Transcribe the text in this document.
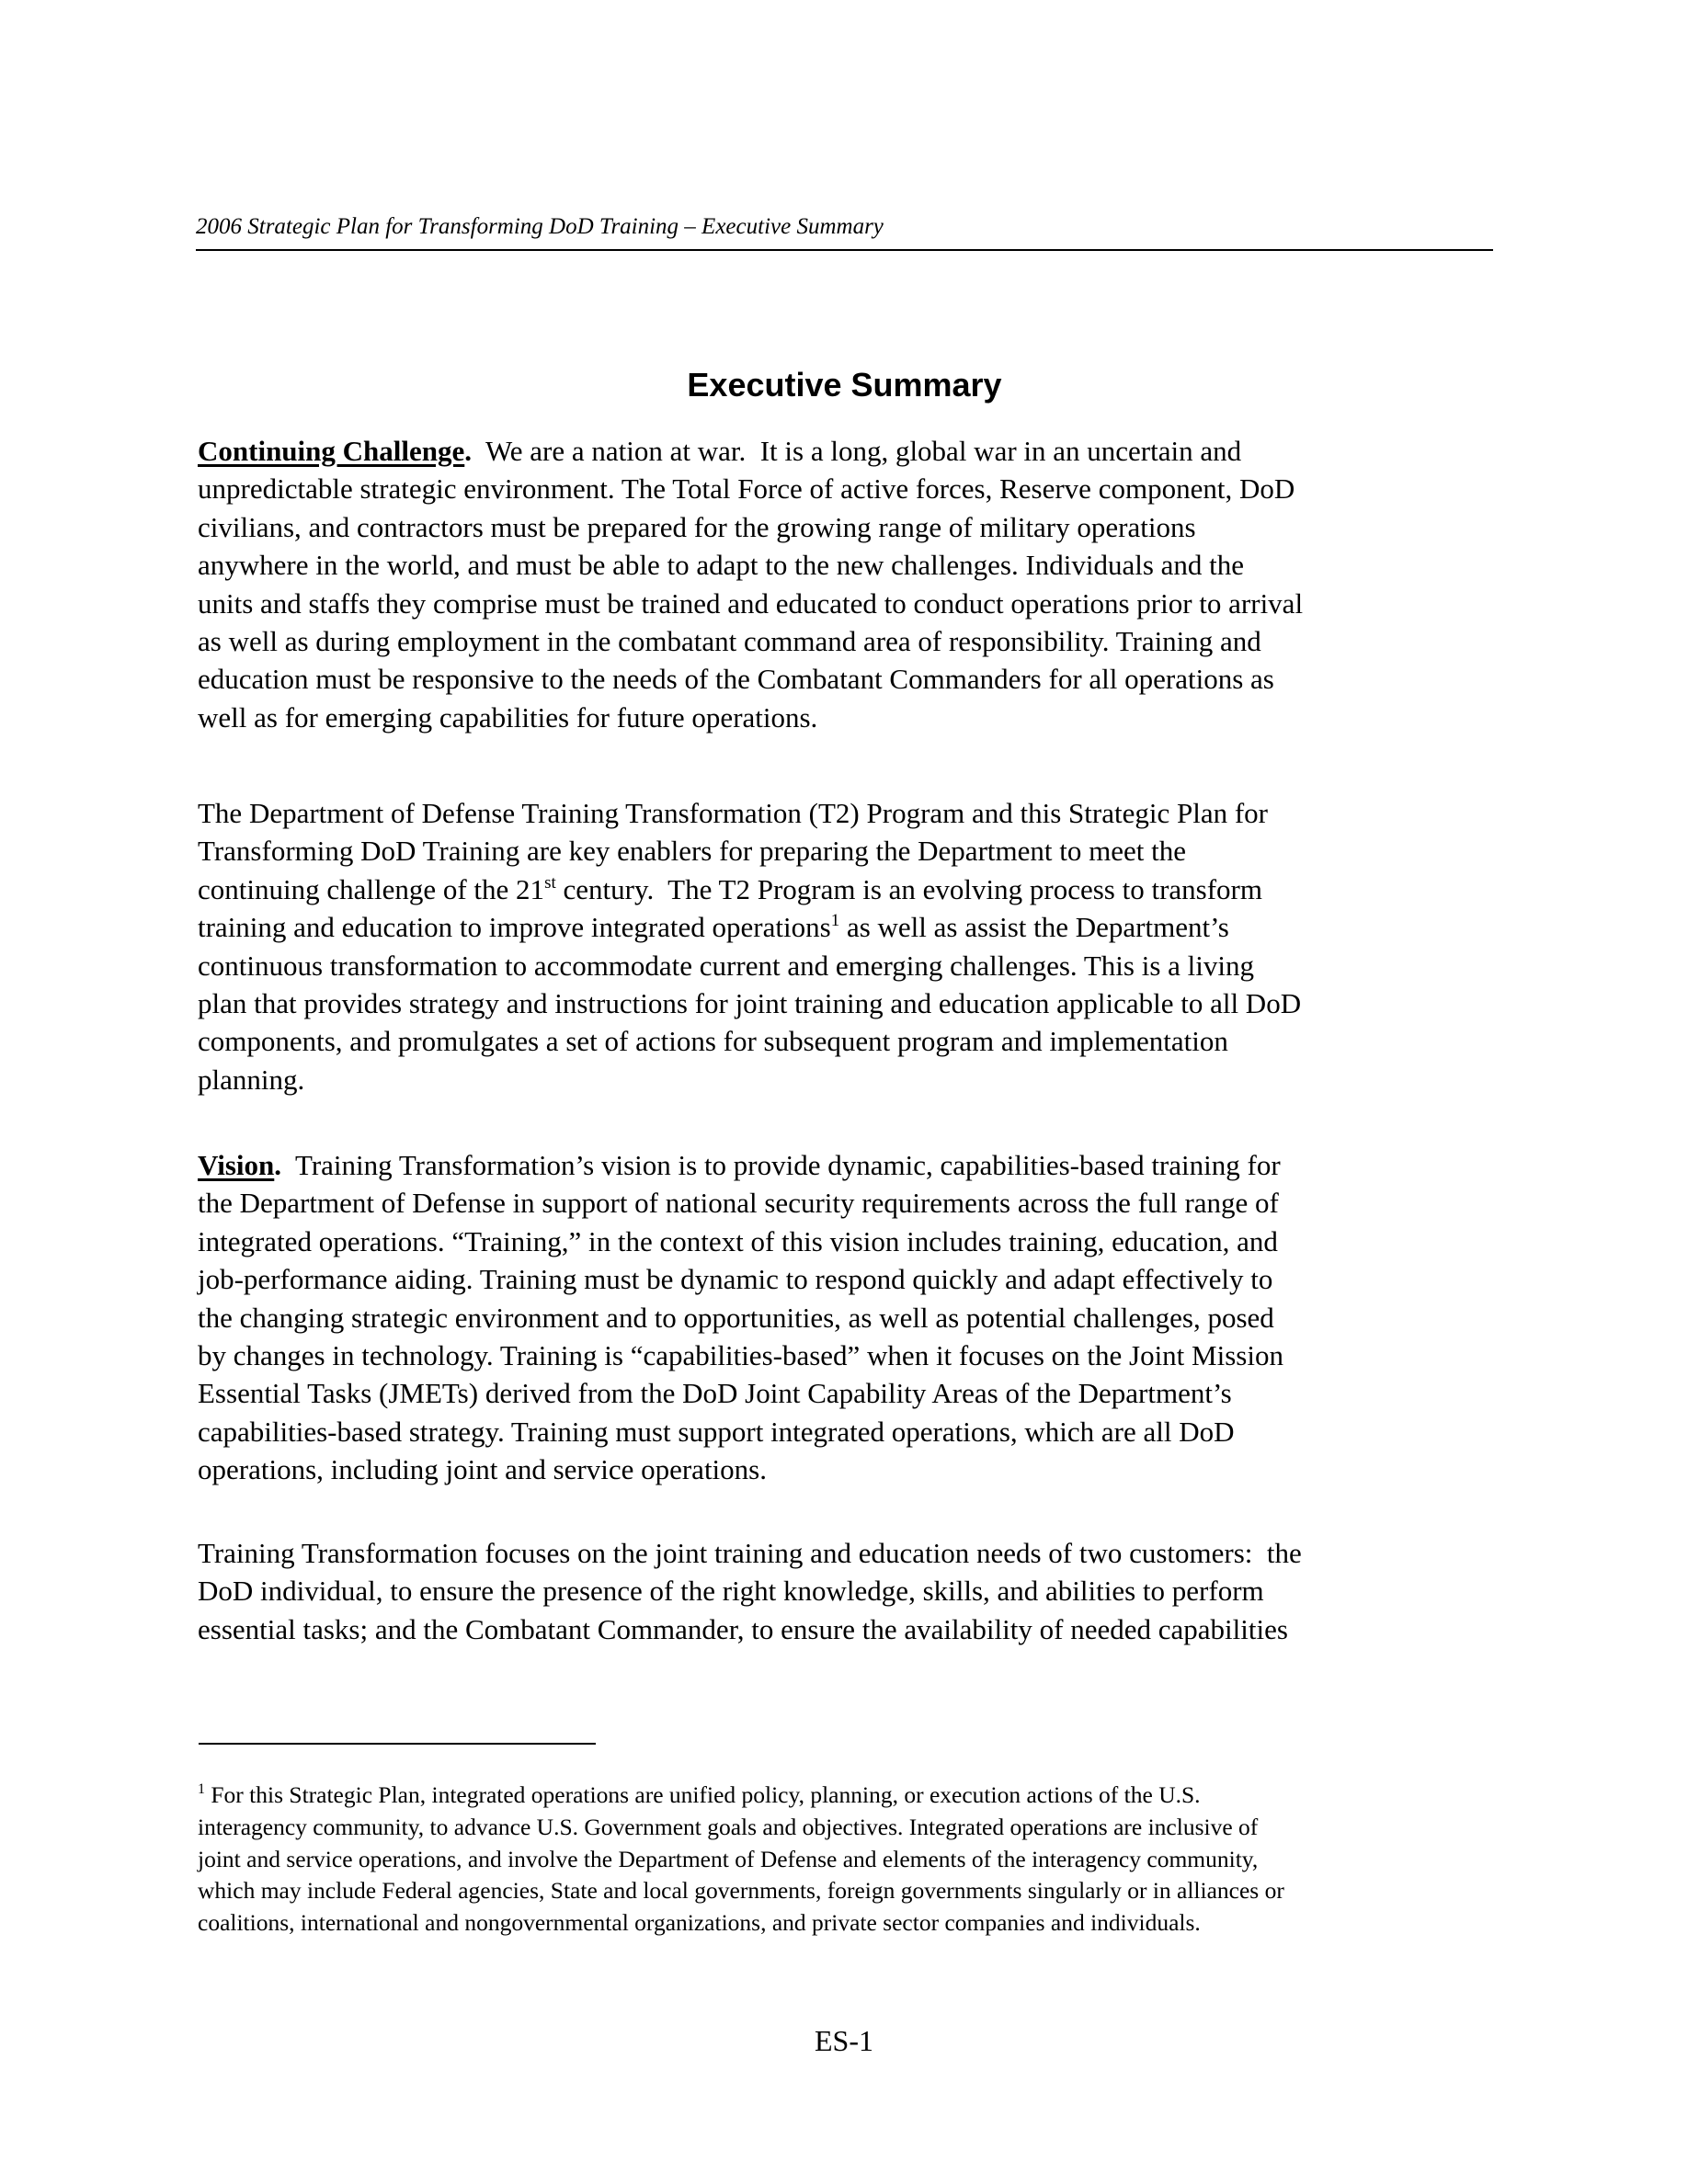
2006 Strategic Plan for Transforming DoD Training – Executive Summary
Executive Summary
Continuing Challenge.  We are a nation at war.  It is a long, global war in an uncertain and
unpredictable strategic environment. The Total Force of active forces, Reserve component, DoD
civilians, and contractors must be prepared for the growing range of military operations
anywhere in the world, and must be able to adapt to the new challenges. Individuals and the
units and staffs they comprise must be trained and educated to conduct operations prior to arrival
as well as during employment in the combatant command area of responsibility. Training and
education must be responsive to the needs of the Combatant Commanders for all operations as
well as for emerging capabilities for future operations.
The Department of Defense Training Transformation (T2) Program and this Strategic Plan for
Transforming DoD Training are key enablers for preparing the Department to meet the
continuing challenge of the 21st century.  The T2 Program is an evolving process to transform
training and education to improve integrated operations$^1$ as well as assist the Department’s
continuous transformation to accommodate current and emerging challenges. This is a living
plan that provides strategy and instructions for joint training and education applicable to all DoD
components, and promulgates a set of actions for subsequent program and implementation
planning.
Vision.  Training Transformation’s vision is to provide dynamic, capabilities-based training for
the Department of Defense in support of national security requirements across the full range of
integrated operations. “Training,” in the context of this vision includes training, education, and
job-performance aiding. Training must be dynamic to respond quickly and adapt effectively to
the changing strategic environment and to opportunities, as well as potential challenges, posed
by changes in technology. Training is “capabilities-based” when it focuses on the Joint Mission
Essential Tasks (JMETs) derived from the DoD Joint Capability Areas of the Department’s
capabilities-based strategy. Training must support integrated operations, which are all DoD
operations, including joint and service operations.
Training Transformation focuses on the joint training and education needs of two customers:  the
DoD individual, to ensure the presence of the right knowledge, skills, and abilities to perform
essential tasks; and the Combatant Commander, to ensure the availability of needed capabilities
$^1$ For this Strategic Plan, integrated operations are unified policy, planning, or execution actions of the U.S.
interagency community, to advance U.S. Government goals and objectives. Integrated operations are inclusive of
joint and service operations, and involve the Department of Defense and elements of the interagency community,
which may include Federal agencies, State and local governments, foreign governments singularly or in alliances or
coalitions, international and nongovernmental organizations, and private sector companies and individuals.
ES-1
